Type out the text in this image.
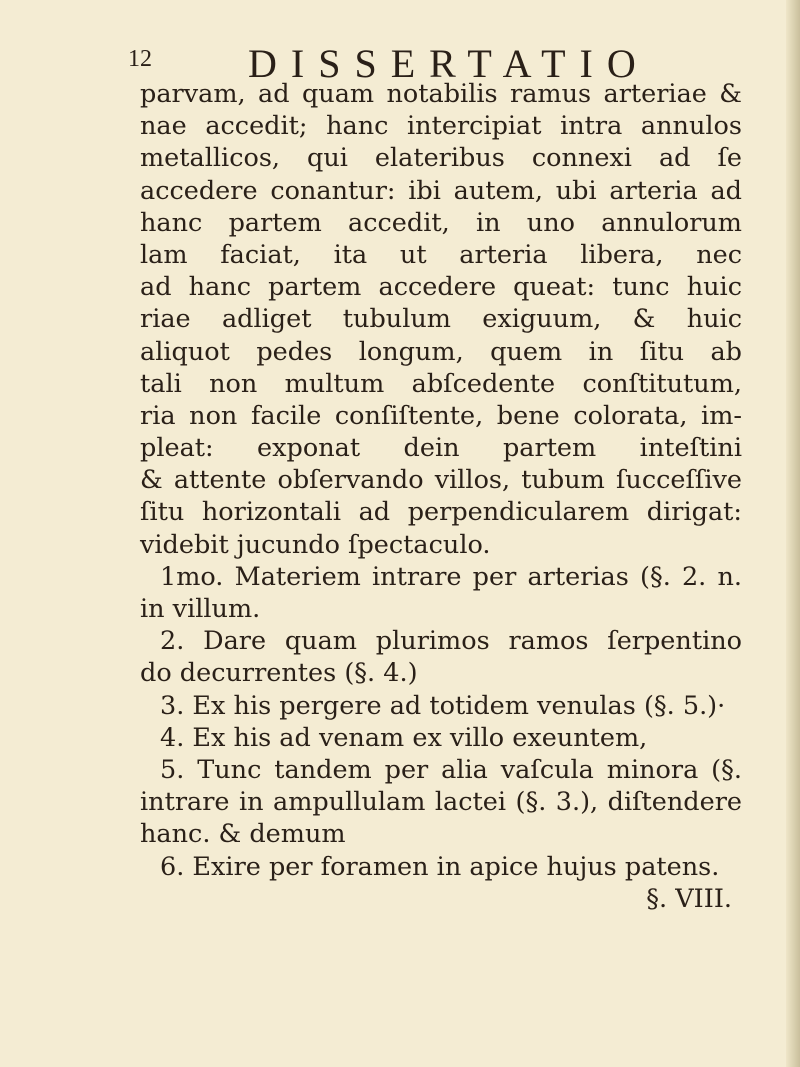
12 DISSERTATIO
parvam, ad quam notabilis ramus arteriae &
nae accedit; hanc intercipiat intra annulos
metallicos, qui elateribus connexi ad ſe
accedere conantur: ibi autem, ubi arteria ad
hanc partem accedit, in uno annulorum
lam faciat, ita ut arteria libera, nec
ad hanc partem accedere queat: tunc huic
riae adliget tubulum exiguum, & huic
aliquot pedes longum, quem in ſitu ab
tali non multum abſcedente conſtitutum,
ria non facile conſiſtente, bene colorata, im-
pleat: exponat dein partem inteſtini
& attente obſervando villos, tubum ſucceſſive
ſitu horizontali ad perpendicularem dirigat:
videbit jucundo ſpectaculo.
1mo. Materiem intrare per arterias (§. 2. n.
in villum.
2. Dare quam plurimos ramos ſerpentino
do decurrentes (§. 4.)
3. Ex his pergere ad totidem venulas (§. 5.)·
4. Ex his ad venam ex villo exeuntem,
5. Tunc tandem per alia vaſcula minora (§.
intrare in ampullulam lactei (§. 3.), diſtendere
hanc. & demum
6. Exire per foramen in apice hujus patens.
§. VIII.
